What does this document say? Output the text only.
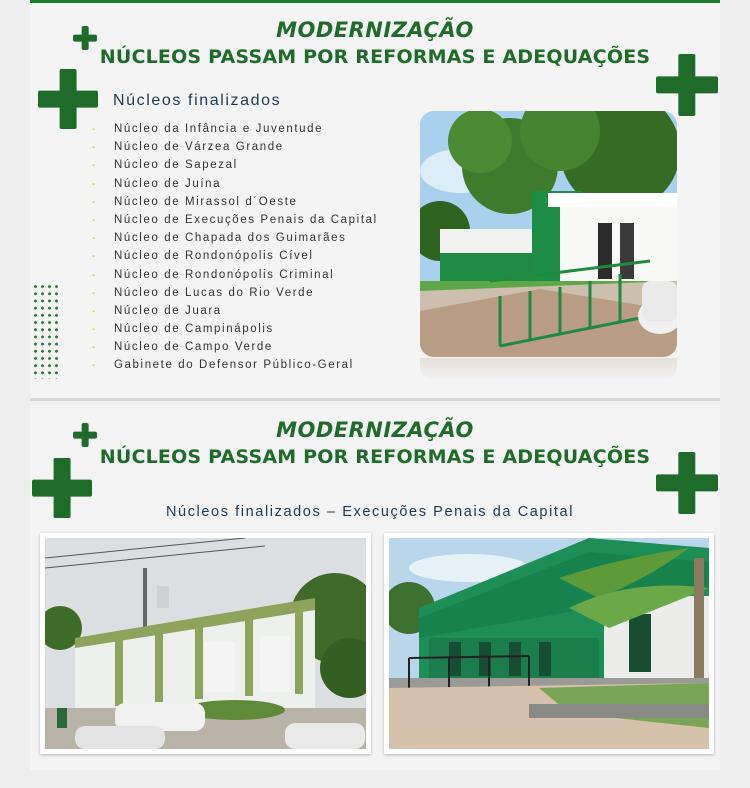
MODERNIZAÇÃO
NÚCLEOS PASSAM POR REFORMAS E ADEQUAÇÕES
Núcleos finalizados
- Núcleo da Infância e Juventude
- Núcleo de Várzea Grande
- Núcleo de Sapezal
- Núcleo de Juína
- Núcleo de Mirassol d´Oeste
- Núcleo de Execuções Penais da Capital
- Núcleo de Chapada dos Guimarães
- Núcleo de Rondonópolis Cível
- Núcleo de Rondonópolis Criminal
- Núcleo de Lucas do Rio Verde
- Núcleo de Juara
- Núcleo de Campinápolis
- Núcleo de Campo Verde
- Gabinete do Defensor Público-Geral
MODERNIZAÇÃO
NÚCLEOS PASSAM POR REFORMAS E ADEQUAÇÕES
Núcleos finalizados – Execuções Penais da Capital
